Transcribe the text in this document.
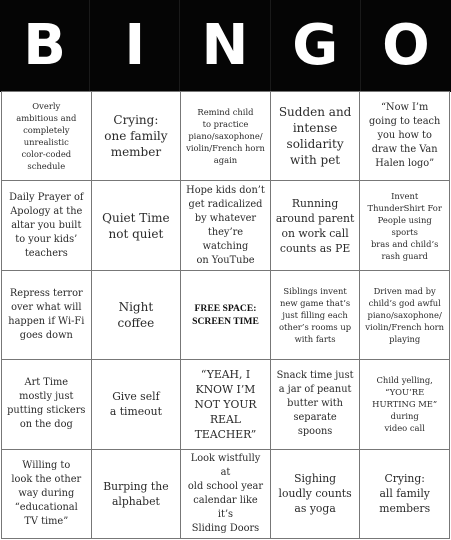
B	I	N G O
Overly
ambitious and
completely
unrealistic
color-coded
schedule
Crying:
one family
member
Remind child
to practice
piano/saxophone/
violin/French horn
again
Sudden and
intense
solidarity
with pet
“Now I’m
going to teach
you how to
draw the Van
Halen logo”
Daily Prayer of
Apology at the
altar you built
to your kids’
teachers
Quiet Time
not quiet
Hope kids don’t
get radicalized
by whatever
they’re watching
on YouTube
Running
around parent
on work call
counts as PE
Invent
ThunderShirt For
People using sports
bras and child’s
rash guard
Repress terror
over what will
happen if Wi-Fi
goes down
Night
coffee
FREE SPACE:
SCREEN TIME
Siblings invent
new game that’s
just filling each
other’s rooms up
with farts
Driven mad by
child’s god awful
piano/saxophone/
violin/French horn
playing
Art Time
mostly just
putting stickers
on the dog
Give self
a timeout
“YEAH, I
KNOW I’M
NOT YOUR
REAL
TEACHER”
Snack time just
a jar of peanut
butter with
separate spoons
Child yelling,
“YOU’RE
HURTING ME”
during
video call
Willing to
look the other
way during
“educational
TV time”
Burping the
alphabet
Look wistfully at
old school year
calendar like it’s
Sliding Doors
Sighing
loudly counts
as yoga
Crying:
all family
members
